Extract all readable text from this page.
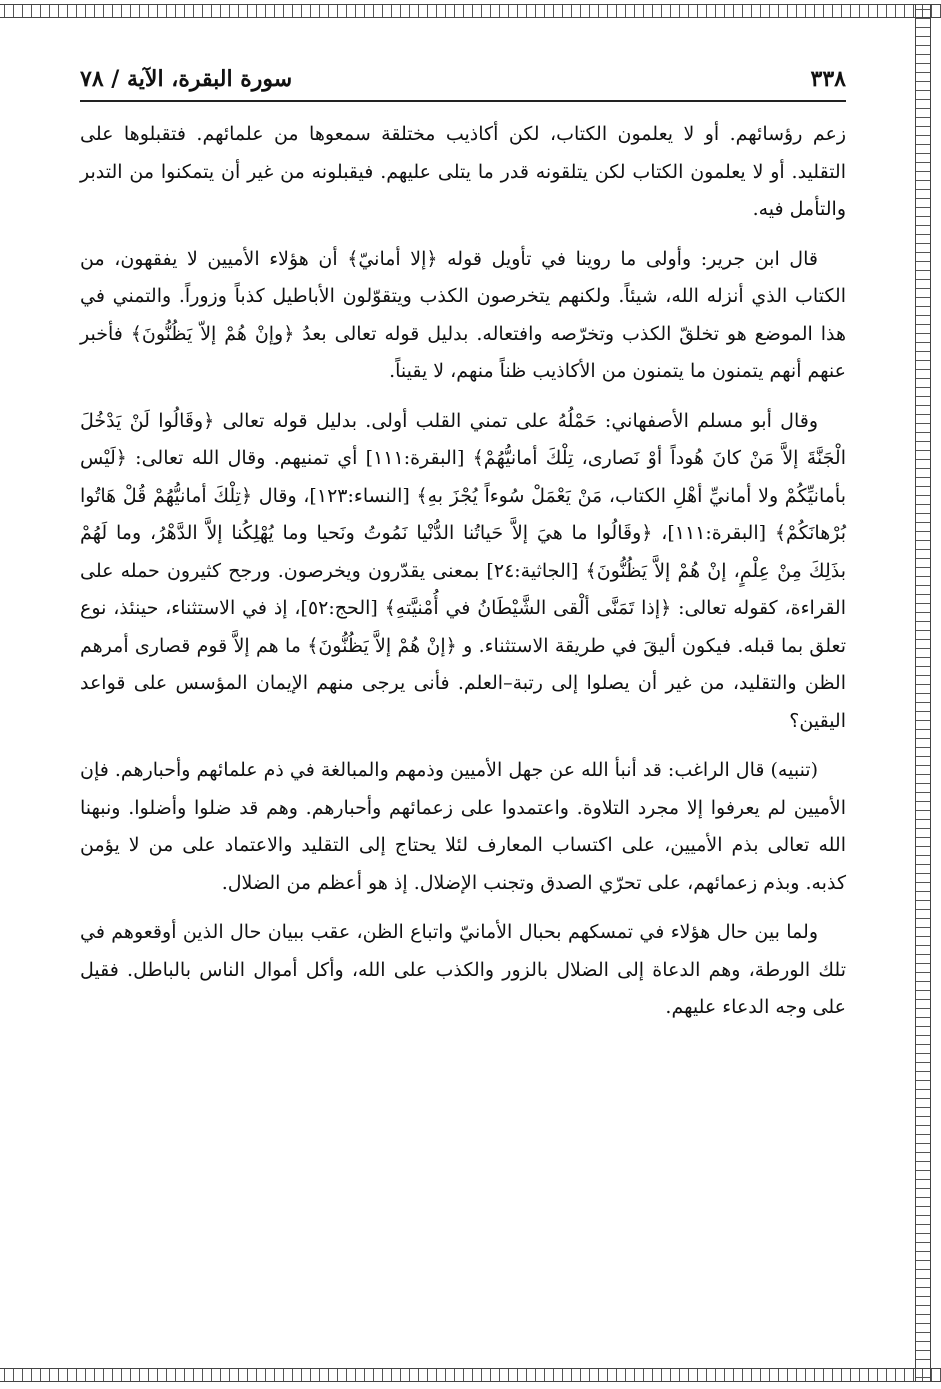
٣٣٨
سورة البقرة، الآية / ٧٨

زعم رؤسائهم. أو لا يعلمون الكتاب، لكن أكاذيب مختلقة سمعوها من علمائهم. فتقبلوها على التقليد. أو لا يعلمون الكتاب لكن يتلقونه قدر ما يتلى عليهم. فيقبلونه من غير أن يتمكنوا من التدبر والتأمل فيه.

قال ابن جرير: وأولى ما روينا في تأويل قوله ﴿إلا أمانيّ﴾ أن هؤلاء الأميين لا يفقهون، من الكتاب الذي أنزله الله، شيئاً. ولكنهم يتخرصون الكذب ويتقوّلون الأباطيل كذباً وزوراً. والتمني في هذا الموضع هو تخلقّ الكذب وتخرّصه وافتعاله. بدليل قوله تعالى بعدُ ﴿وإنْ هُمْ إلاّ يَظُنُّونَ﴾ فأخبر عنهم أنهم يتمنون ما يتمنون من الأكاذيب ظناً منهم، لا يقيناً.

وقال أبو مسلم الأصفهاني: حَمْلُهُ على تمني القلب أولى. بدليل قوله تعالى ﴿وقَالُوا لَنْ يَدْخُلَ الْجَنَّةَ إلاَّ مَنْ كانَ هُوداً أوْ نَصارى، تِلْكَ أمانيُّهُمْ﴾ [البقرة:١١١] أي تمنيهم. وقال الله تعالى: ﴿لَيْس بأمانيِّكُمْ ولا أمانيِّ أهْلِ الكتاب، مَنْ يَعْمَلْ سُوءاً يُجْزَ بهِ﴾ [النساء:١٢٣]، وقال ﴿تِلْكَ أمانيُّهُمْ قُلْ هَاتُوا بُرْهانَكُمْ﴾ [البقرة:١١١]، ﴿وقَالُوا ما هيَ إلاَّ حَياتُنا الدُّنْيا نَمُوتُ ونَحيا وما يُهْلِكُنا إلاَّ الدَّهْرُ، وما لَهُمْ بذَلِكَ مِنْ عِلْمٍ، إنْ هُمْ إلاَّ يَظُنُّونَ﴾ [الجاثية:٢٤] بمعنى يقدّرون ويخرصون. ورجح كثيرون حمله على القراءة، كقوله تعالى: ﴿إذا تَمَنَّى ألْقى الشَّيْطَانُ في أُمْنيَّتهِ﴾ [الحج:٥٢]، إذ في الاستثناء، حينئذ، نوع تعلق بما قبله. فيكون أليقَ في طريقة الاستثناء. و ﴿إنْ هُمْ إلاَّ يَظُنُّونَ﴾ ما هم إلاَّ قوم قصارى أمرهم الظن والتقليد، من غير أن يصلوا إلى رتبة–العلم. فأنى يرجى منهم الإيمان المؤسس على قواعد اليقين؟

(تنبيه) قال الراغب: قد أنبأ الله عن جهل الأميين وذمهم والمبالغة في ذم علمائهم وأحبارهم. فإن الأميين لم يعرفوا إلا مجرد التلاوة. واعتمدوا على زعمائهم وأحبارهم. وهم قد ضلوا وأضلوا. ونبهنا الله تعالى بذم الأميين، على اكتساب المعارف لئلا يحتاج إلى التقليد والاعتماد على من لا يؤمن كذبه. وبذم زعمائهم، على تحرّي الصدق وتجنب الإضلال. إذ هو أعظم من الضلال.

ولما بين حال هؤلاء في تمسكهم بحبال الأمانيّ واتباع الظن، عقب ببيان حال الذين أوقعوهم في تلك الورطة، وهم الدعاة إلى الضلال بالزور والكذب على الله، وأكل أموال الناس بالباطل. فقيل على وجه الدعاء عليهم.
